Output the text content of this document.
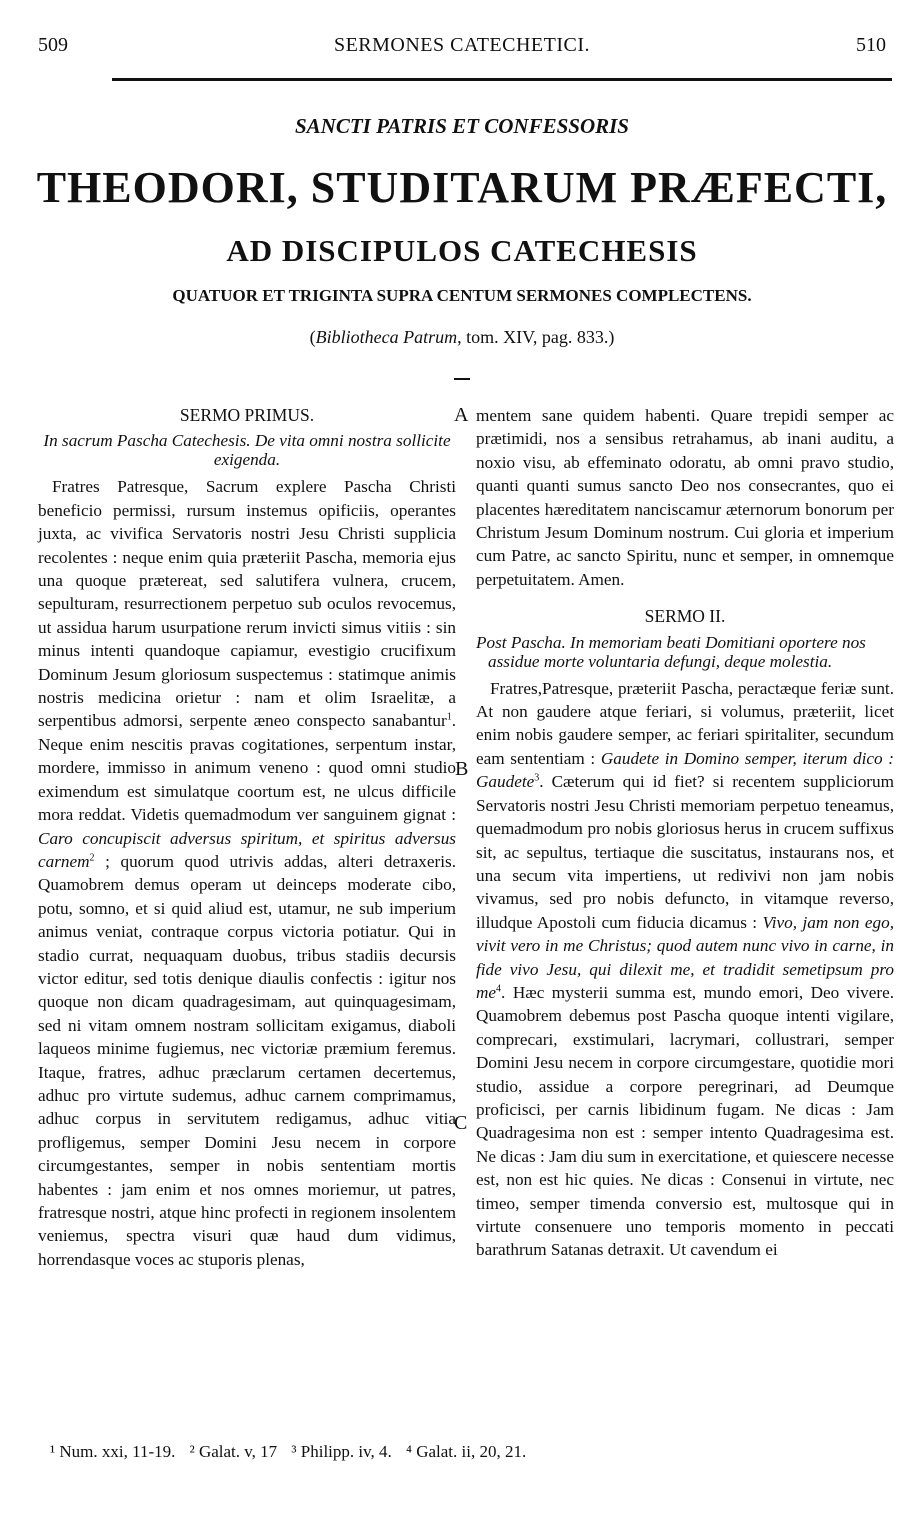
509	SERMONES CATECHETICI.	510
SANCTI PATRIS ET CONFESSORIS
THEODORI, STUDITARUM PRÆFECTI,
AD DISCIPULOS CATECHESIS
QUATUOR ET TRIGINTA SUPRA CENTUM SERMONES COMPLECTENS.
(Bibliotheca Patrum, tom. XIV, pag. 833.)
A
B
C

SERMO PRIMUS.

In sacrum Pascha Catechesis. De vita omni nostra sollicite exigenda.

Fratres Patresque, Sacrum explere Pascha Christi beneficio permissi, rursum instemus opificiis, operantes juxta, ac vivifica Servatoris nostri Jesu Christi supplicia recolentes : neque enim quia præteriit Pascha, memoria ejus una quoque prætereat, sed salutifera vulnera, crucem, sepulturam, resurrectionem perpetuo sub oculos revocemus, ut assidua harum usurpatione rerum invicti simus vitiis : sin minus intenti quandoque capiamur, evestigio crucifixum Dominum Jesum gloriosum suspectemus : statimque animis nostris medicina orietur : nam et olim Israelitæ, a serpentibus admorsi, serpente æneo conspecto sanabantur$^1$. Neque enim nescitis pravas cogitationes, serpentum instar, mordere, immisso in animum veneno : quod omni studio eximendum est simulatque coortum est, ne ulcus difficile mora reddat. Videtis quemadmodum ver sanguinem gignat : Caro concupiscit adversus spiritum, et spiritus adversus carnem$^2$ ; quorum quod utrivis addas, alteri detraxeris. Quamobrem demus operam ut deinceps moderate cibo, potu, somno, et si quid aliud est, utamur, ne sub imperium animus veniat, contraque corpus victoria potiatur. Qui in stadio currat, nequaquam duobus, tribus stadiis decursis victor editur, sed totis denique diaulis confectis : igitur nos quoque non dicam quadragesimam, aut quinquagesimam, sed ni vitam omnem nostram sollicitam exigamus, diaboli laqueos minime fugiemus, nec victoriæ præmium feremus. Itaque, fratres, adhuc præclarum certamen decertemus, adhuc pro virtute sudemus, adhuc carnem comprimamus, adhuc corpus in servitutem redigamus, adhuc vitia profligemus, semper Domini Jesu necem in corpore circumgestantes, semper in nobis sententiam mortis habentes : jam enim et nos omnes moriemur, ut patres, fratresque nostri, atque hinc profecti in regionem insolentem veniemus, spectra visuri quæ haud dum vidimus, horrendasque voces ac stuporis plenas,

mentem sane quidem habenti. Quare trepidi semper ac prætimidi, nos a sensibus retrahamus, ab inani auditu, a noxio visu, ab effeminato odoratu, ab omni pravo studio, quanti quanti sumus sancto Deo nos consecrantes, quo ei placentes hæreditatem nanciscamur æternorum bonorum per Christum Jesum Dominum nostrum. Cui gloria et imperium cum Patre, ac sancto Spiritu, nunc et semper, in omnemque perpetuitatem. Amen.

SERMO II.

Post Pascha. In memoriam beati Domitiani oportere nos assidue morte voluntaria defungi, deque molestia.

Fratres,Patresque, præteriit Pascha, peractæque feriæ sunt. At non gaudere atque feriari, si volumus, præteriit, licet enim nobis gaudere semper, ac feriari spiritaliter, secundum eam sententiam : Gaudete in Domino semper, iterum dico : Gaudete$^3$. Cæterum qui id fiet? si recentem suppliciorum Servatoris nostri Jesu Christi memoriam perpetuo teneamus, quemadmodum pro nobis gloriosus herus in crucem suffixus sit, ac sepultus, tertiaque die suscitatus, instaurans nos, et una secum vita impertiens, ut redivivi non jam nobis vivamus, sed pro nobis defuncto, in vitamque reverso, illudque Apostoli cum fiducia dicamus : Vivo, jam non ego, vivit vero in me Christus; quod autem nunc vivo in carne, in fide vivo Jesu, qui dilexit me, et tradidit semetipsum pro $me^4$. Hæc mysterii summa est, mundo emori, Deo vivere. Quamobrem debemus post Pascha quoque intenti vigilare, comprecari, exstimulari, lacrymari, collustrari, semper Domini Jesu necem in corpore circumgestare, quotidie mori studio, assidue a corpore peregrinari, ad Deumque proficisci, per carnis libidinum fugam. Ne dicas : Jam Quadragesima non est : semper intento Quadragesima est. Ne dicas : Jam diu sum in exercitatione, et quiescere necesse est, non est hic quies. Ne dicas : Consenui in virtute, nec timeo, semper timenda conversio est, multosque qui in virtute consenuere uno temporis momento in peccati barathrum Satanas detraxit. Ut cavendum ei

¹ Num. xxi, 11-19. ² Galat. v, 17 ³ Philipp. iv, 4. ⁴ Galat. ii, 20, 21.
